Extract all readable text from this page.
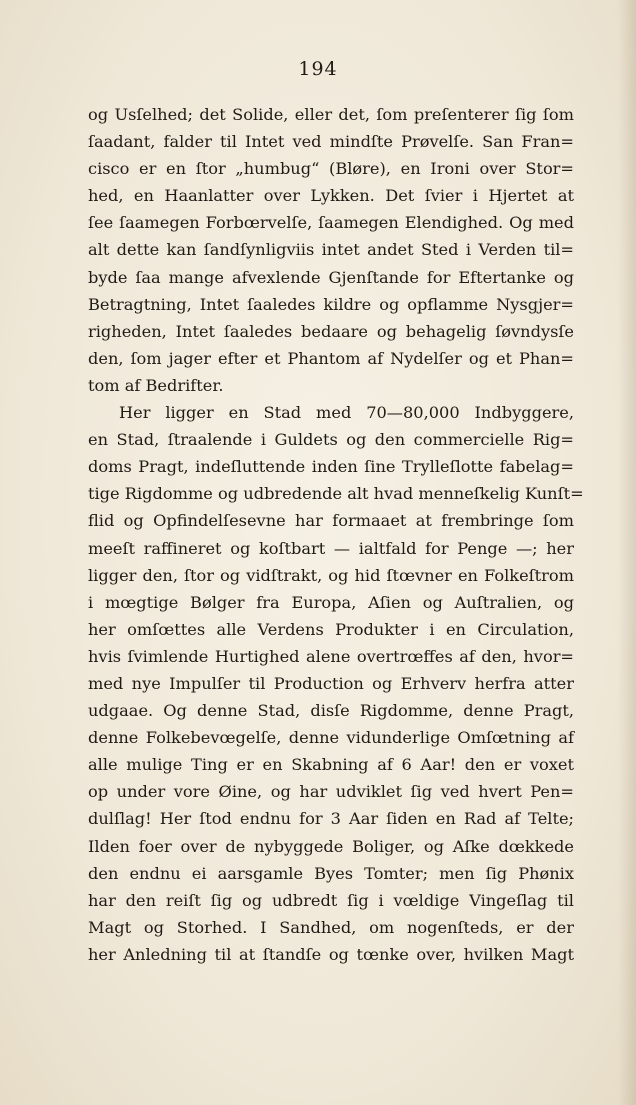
194
og Usſelhed; det Solide, eller det, ſom preſenterer ſig ſom
ſaadant, falder til Intet ved mindſte Prøvelſe. San Fran=
cisco er en ſtor „humbug“ (Bløre), en Ironi over Stor=
hed, en Haanlatter over Lykken. Det ſvier i Hjertet at
ſee ſaamegen Forbœrvelſe, ſaamegen Elendighed. Og med
alt dette kan ſandſynligviis intet andet Sted i Verden til=
byde ſaa mange afvexlende Gjenſtande for Eftertanke og
Betragtning, Intet ſaaledes kildre og opflamme Nysgjer=
righeden, Intet ſaaledes bedaare og behagelig ſøvndysſe
den, ſom jager efter et Phantom af Nydelſer og et Phan=
tom af Bedrifter.
Her ligger en Stad med 70—80,000 Indbyggere,
en Stad, ſtraalende i Guldets og den commercielle Rig=
doms Pragt, indeſluttende inden ſine Trylleſlotte fabelag=
tige Rigdomme og udbredende alt hvad menneſkelig Kunſt=
flid og Opfindelſesevne har formaaet at frembringe ſom
meeſt raffineret og koſtbart — ialtfald for Penge —; her
ligger den, ſtor og vidſtrakt, og hid ſtœvner en Folkeſtrom
i mœgtige Bølger fra Europa, Aſien og Auſtralien, og
her omſœttes alle Verdens Produkter i en Circulation,
hvis ſvimlende Hurtighed alene overtrœffes af den, hvor=
med nye Impulſer til Production og Erhverv herfra atter
udgaae. Og denne Stad, disſe Rigdomme, denne Pragt,
denne Folkebevœgelſe, denne vidunderlige Omſœtning af
alle mulige Ting er en Skabning af 6 Aar! den er voxet
op under vore Øine, og har udviklet ſig ved hvert Pen=
dulſlag! Her ſtod endnu for 3 Aar ſiden en Rad af Telte;
Ilden foer over de nybyggede Boliger, og Aſke dœkkede
den endnu ei aarsgamle Byes Tomter; men ſig Phønix
har den reiſt ſig og udbredt ſig i vœldige Vingeſlag til
Magt og Storhed. I Sandhed, om nogenſteds, er der
her Anledning til at ſtandſe og tœnke over, hvilken Magt
